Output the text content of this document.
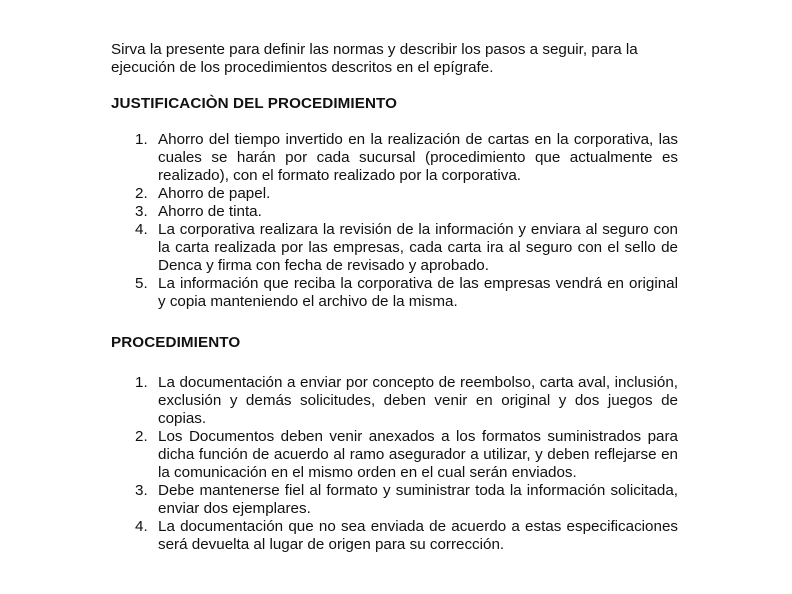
Sirva la presente para definir las normas y describir los pasos a seguir, para la ejecución de los procedimientos descritos en el epígrafe.

JUSTIFICACIÒN DEL PROCEDIMIENTO
1. Ahorro del tiempo invertido en la realización de cartas en la corporativa, las cuales se harán por cada sucursal (procedimiento que actualmente es realizado), con el formato realizado por la corporativa.
2. Ahorro de papel.
3. Ahorro de tinta.
4. La corporativa realizara la revisión de la información y enviara al seguro con la carta realizada por las empresas, cada carta ira al seguro con el sello de Denca y firma con fecha de revisado y aprobado.
5. La información que reciba la corporativa de las empresas vendrá en original y copia manteniendo el archivo de la misma.
PROCEDIMIENTO
1. La documentación a enviar por concepto de reembolso, carta aval, inclusión, exclusión y demás solicitudes, deben venir en original y dos juegos de copias.
2. Los Documentos deben venir anexados a los formatos suministrados para dicha función de acuerdo al ramo asegurador a utilizar, y deben reflejarse en la comunicación en el mismo orden en el cual serán enviados.
3. Debe mantenerse fiel al formato y suministrar toda la información solicitada, enviar dos ejemplares.
4. La documentación que no sea enviada de acuerdo a estas especificaciones será devuelta al lugar de origen para su corrección.
